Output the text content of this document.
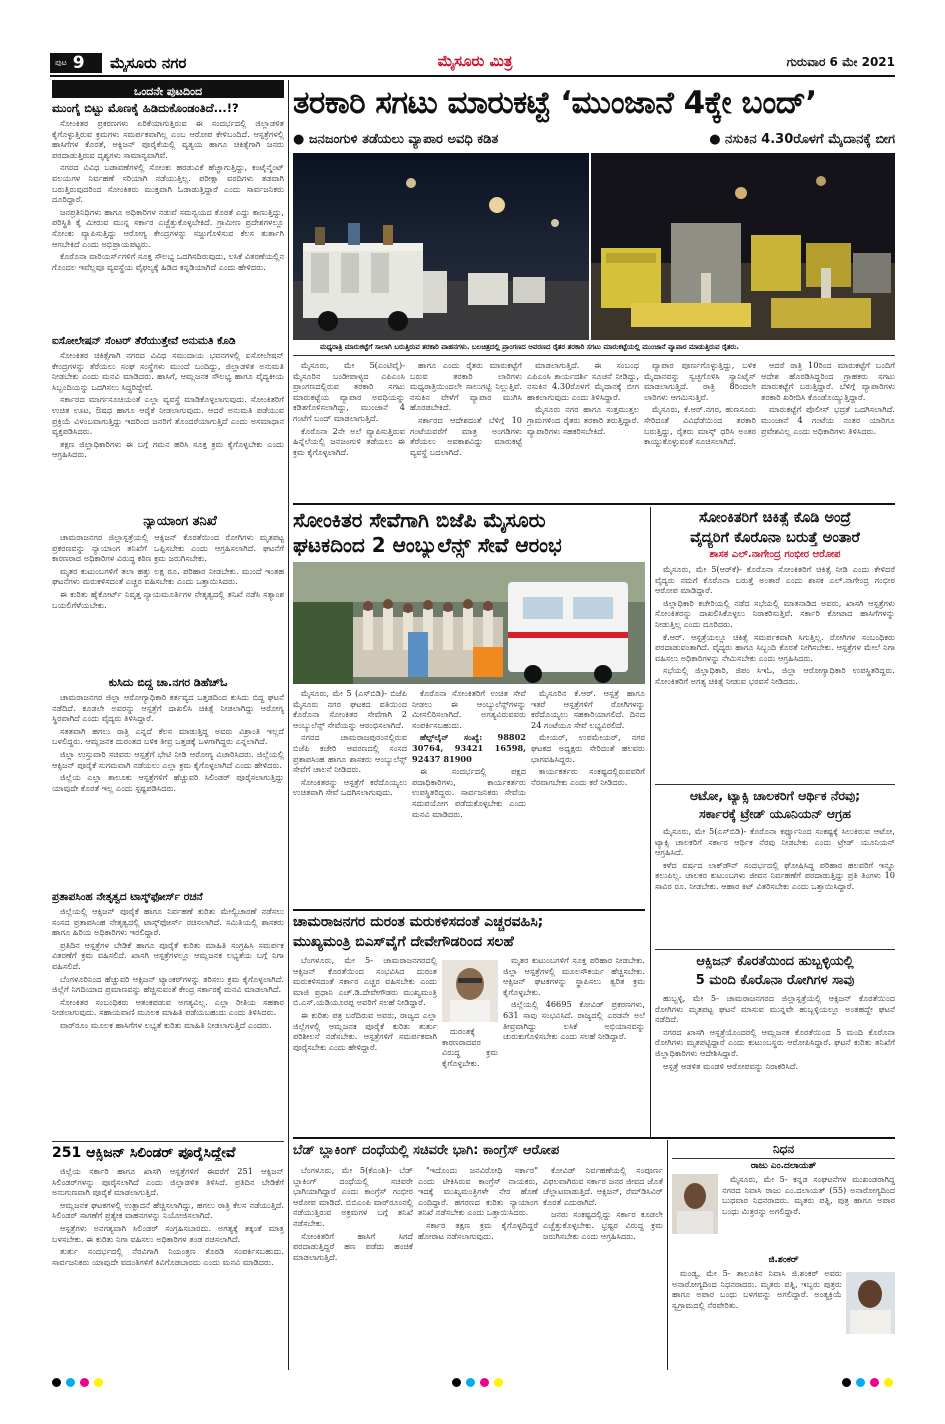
ಪುಟ 9 ಮೈಸೂರು ನಗರ	ಮೈಸೂರು ಮಿತ್ರ	ಗುರುವಾರ 6 ಮೇ 2021
ಒಂದನೇ ಪುಟದಿಂದ
ಮುಂಗೈ ಬಿಟ್ಟು ಮೊಣಕೈ ಹಿಡಿದುಕೊಂಡಂತಿದೆ...!?

ಸೋಂಕಿತರ ಪ್ರಕರಣಗಳು ಏರಿಕೆಯಾಗುತ್ತಿರುವ ಈ ಸಂದರ್ಭದಲ್ಲಿ ಜಿಲ್ಲಾಡಳಿತ ಕೈಗೊಳ್ಳುತ್ತಿರುವ ಕ್ರಮಗಳು ಸಮರ್ಪಕವಾಗಿಲ್ಲ ಎಂಬ ಆರೋಪ ಕೇಳಿಬಂದಿದೆ. ಆಸ್ಪತ್ರೆಗಳಲ್ಲಿ ಹಾಸಿಗೆಗಳ ಕೊರತೆ, ಆಕ್ಸಿಜನ್ ಪೂರೈಕೆಯಲ್ಲಿ ವ್ಯತ್ಯಯ ಹಾಗೂ ಚಿಕಿತ್ಸೆಗಾಗಿ ಜನರು ಪರದಾಡುತ್ತಿರುವ ದೃಶ್ಯಗಳು ಸಾಮಾನ್ಯವಾಗಿವೆ.

ನಗರದ ವಿವಿಧ ಬಡಾವಣೆಗಳಲ್ಲಿ ಸೋಂಕು ಹರಡುವಿಕೆ ಹೆಚ್ಚಾಗುತ್ತಿದ್ದು, ಕಂಟೈನ್ಮೆಂಟ್ ವಲಯಗಳ ನಿರ್ವಹಣೆ ಸರಿಯಾಗಿ ನಡೆಯುತ್ತಿಲ್ಲ. ಪರೀಕ್ಷಾ ವರದಿಗಳು ತಡವಾಗಿ ಬರುತ್ತಿರುವುದರಿಂದ ಸೋಂಕಿತರು ಮುಕ್ತವಾಗಿ ಓಡಾಡುತ್ತಿದ್ದಾರೆ ಎಂದು ಸಾರ್ವಜನಿಕರು ದೂರಿದ್ದಾರೆ.

ಜನಪ್ರತಿನಿಧಿಗಳು ಹಾಗೂ ಅಧಿಕಾರಿಗಳ ನಡುವೆ ಸಮನ್ವಯದ ಕೊರತೆ ಎದ್ದು ಕಾಣುತ್ತಿದ್ದು, ಪರಿಸ್ಥಿತಿ ಕೈ ಮೀರುವ ಮುನ್ನ ಸರ್ಕಾರ ಎಚ್ಚೆತ್ತುಕೊಳ್ಳಬೇಕಿದೆ. ಗ್ರಾಮೀಣ ಪ್ರದೇಶಗಳಲ್ಲೂ ಸೋಂಕು ವ್ಯಾಪಿಸುತ್ತಿದ್ದು ಆರೋಗ್ಯ ಕೇಂದ್ರಗಳನ್ನು ಸಜ್ಜುಗೊಳಿಸುವ ಕೆಲಸ ತುರ್ತಾಗಿ ಆಗಬೇಕಿದೆ ಎಂದು ಅಭಿಪ್ರಾಯಪಟ್ಟರು.

ಕೊರೊನಾ ವಾರಿಯರ್ಸ್‌ಗಳಿಗೆ ಸೂಕ್ತ ಸೌಲಭ್ಯ ಒದಗಿಸದಿರುವುದು, ಲಸಿಕೆ ವಿತರಣೆಯಲ್ಲಿನ ಗೊಂದಲ ಇವೆಲ್ಲವೂ ವ್ಯವಸ್ಥೆಯ ವೈಫಲ್ಯಕ್ಕೆ ಹಿಡಿದ ಕನ್ನಡಿಯಾಗಿದೆ ಎಂದು ಹೇಳಿದರು.

ಐಸೋಲೇಷನ್ ಸೆಂಟರ್ ತೆರೆಯುತ್ತೇವೆ ಅನುಮತಿ ಕೊಡಿ

ಸೋಂಕಿತರ ಚಿಕಿತ್ಸೆಗಾಗಿ ನಗರದ ವಿವಿಧ ಸಮುದಾಯ ಭವನಗಳಲ್ಲಿ ಐಸೋಲೇಷನ್ ಕೇಂದ್ರಗಳನ್ನು ತೆರೆಯಲು ಸಂಘ ಸಂಸ್ಥೆಗಳು ಮುಂದೆ ಬಂದಿದ್ದು, ಜಿಲ್ಲಾಡಳಿತ ಅನುಮತಿ ನೀಡಬೇಕು ಎಂದು ಮನವಿ ಮಾಡಿದರು. ಹಾಸಿಗೆ, ಆಮ್ಲಜನಕ ಸೌಲಭ್ಯ ಹಾಗೂ ವೈದ್ಯಕೀಯ ಸಿಬ್ಬಂದಿಯನ್ನು ಒದಗಿಸಲು ಸಿದ್ಧರಿದ್ದೇವೆ.

ಸರ್ಕಾರದ ಮಾರ್ಗಸೂಚಿಯಂತೆ ಎಲ್ಲಾ ವ್ಯವಸ್ಥೆ ಮಾಡಿಕೊಳ್ಳಲಾಗುವುದು. ಸೋಂಕಿತರಿಗೆ ಉಚಿತ ಊಟ, ಔಷಧ ಹಾಗೂ ಆರೈಕೆ ನೀಡಲಾಗುವುದು. ಆದರೆ ಅನುಮತಿ ಪಡೆಯುವ ಪ್ರಕ್ರಿಯೆ ವಿಳಂಬವಾಗುತ್ತಿದ್ದು ಇದರಿಂದ ಜನರಿಗೆ ತೊಂದರೆಯಾಗುತ್ತಿದೆ ಎಂದು ಅಸಮಾಧಾನ ವ್ಯಕ್ತಪಡಿಸಿದರು.

ತಕ್ಷಣ ಜಿಲ್ಲಾಧಿಕಾರಿಗಳು ಈ ಬಗ್ಗೆ ಗಮನ ಹರಿಸಿ ಸೂಕ್ತ ಕ್ರಮ ಕೈಗೊಳ್ಳಬೇಕು ಎಂದು ಆಗ್ರಹಿಸಿದರು.

ನ್ಯಾಯಾಂಗ ತನಿಖೆ

ಚಾಮರಾಜನಗರ ಜಿಲ್ಲಾಸ್ಪತ್ರೆಯಲ್ಲಿ ಆಕ್ಸಿಜನ್ ಕೊರತೆಯಿಂದ ರೋಗಿಗಳು ಮೃತಪಟ್ಟ ಪ್ರಕರಣವನ್ನು ನ್ಯಾಯಾಂಗ ತನಿಖೆಗೆ ಒಪ್ಪಿಸಬೇಕು ಎಂದು ಆಗ್ರಹಿಸಲಾಗಿದೆ. ಘಟನೆಗೆ ಕಾರಣರಾದ ಅಧಿಕಾರಿಗಳ ವಿರುದ್ಧ ಕಠಿಣ ಕ್ರಮ ಜರುಗಿಸಬೇಕು.

ಮೃತರ ಕುಟುಂಬಗಳಿಗೆ ತಲಾ ಹತ್ತು ಲಕ್ಷ ರೂ. ಪರಿಹಾರ ನೀಡಬೇಕು. ಮುಂದೆ ಇಂತಹ ಘಟನೆಗಳು ಮರುಕಳಿಸದಂತೆ ಎಚ್ಚರ ವಹಿಸಬೇಕು ಎಂದು ಒತ್ತಾಯಿಸಿದರು.

ಈ ಕುರಿತು ಹೈಕೋರ್ಟ್ ನಿವೃತ್ತ ನ್ಯಾಯಮೂರ್ತಿಗಳ ನೇತೃತ್ವದಲ್ಲಿ ತನಿಖೆ ನಡೆಸಿ ಸತ್ಯಾಂಶ ಬಯಲಿಗೆಳೆಯಬೇಕು.

ಕುಸಿದು ಬಿದ್ದ ಚಾ.ನಗರ ಡಿಹೆಚ್‌ಓ

ಚಾಮರಾಜನಗರ ಜಿಲ್ಲಾ ಆರೋಗ್ಯಾಧಿಕಾರಿ ಕರ್ತವ್ಯದ ಒತ್ತಡದಿಂದ ಕುಸಿದು ಬಿದ್ದ ಘಟನೆ ನಡೆದಿದೆ. ಕೂಡಲೇ ಅವರನ್ನು ಆಸ್ಪತ್ರೆಗೆ ದಾಖಲಿಸಿ ಚಿಕಿತ್ಸೆ ನೀಡಲಾಗಿದ್ದು ಆರೋಗ್ಯ ಸ್ಥಿರವಾಗಿದೆ ಎಂದು ವೈದ್ಯರು ತಿಳಿಸಿದ್ದಾರೆ.

ಸತತವಾಗಿ ಹಗಲು ರಾತ್ರಿ ಎನ್ನದೆ ಕೆಲಸ ಮಾಡುತ್ತಿದ್ದ ಅವರು ವಿಶ್ರಾಂತಿ ಇಲ್ಲದೆ ಬಳಲಿದ್ದರು. ಆಮ್ಲಜನಕ ದುರಂತದ ಬಳಿಕ ತೀವ್ರ ಒತ್ತಡಕ್ಕೆ ಒಳಗಾಗಿದ್ದರು ಎನ್ನಲಾಗಿದೆ.

ಜಿಲ್ಲಾ ಉಸ್ತುವಾರಿ ಸಚಿವರು ಆಸ್ಪತ್ರೆಗೆ ಭೇಟಿ ನೀಡಿ ಆರೋಗ್ಯ ವಿಚಾರಿಸಿದರು. ಜಿಲ್ಲೆಯಲ್ಲಿ ಆಕ್ಸಿಜನ್ ಪೂರೈಕೆ ಸುಗಮವಾಗಿ ನಡೆಯಲು ಎಲ್ಲಾ ಕ್ರಮ ಕೈಗೊಳ್ಳಲಾಗಿದೆ ಎಂದು ಹೇಳಿದರು.

ಜಿಲ್ಲೆಯ ಎಲ್ಲಾ ತಾಲೂಕು ಆಸ್ಪತ್ರೆಗಳಿಗೆ ಹೆಚ್ಚುವರಿ ಸಿಲಿಂಡರ್ ಪೂರೈಸಲಾಗುತ್ತಿದ್ದು ಯಾವುದೇ ಕೊರತೆ ಇಲ್ಲ ಎಂದು ಸ್ಪಷ್ಟಪಡಿಸಿದರು.

ಪ್ರತಾಪಸಿಂಹ ನೇತೃತ್ವದ ಟಾಸ್ಕ್‌ಫೋರ್ಸ್ ರಚನೆ

ಜಿಲ್ಲೆಯಲ್ಲಿ ಆಕ್ಸಿಜನ್ ಪೂರೈಕೆ ಹಾಗೂ ನಿರ್ವಹಣೆ ಕುರಿತು ಮೇಲ್ವಿಚಾರಣೆ ನಡೆಸಲು ಸಂಸದ ಪ್ರತಾಪಸಿಂಹ ನೇತೃತ್ವದಲ್ಲಿ ಟಾಸ್ಕ್‌ಫೋರ್ಸ್ ರಚಿಸಲಾಗಿದೆ. ಸಮಿತಿಯಲ್ಲಿ ಶಾಸಕರು ಹಾಗೂ ಹಿರಿಯ ಅಧಿಕಾರಿಗಳು ಇರಲಿದ್ದಾರೆ.

ಪ್ರತಿದಿನ ಆಸ್ಪತ್ರೆಗಳ ಬೇಡಿಕೆ ಹಾಗೂ ಪೂರೈಕೆ ಕುರಿತು ಮಾಹಿತಿ ಸಂಗ್ರಹಿಸಿ ಸಮರ್ಪಕ ವಿತರಣೆಗೆ ಕ್ರಮ ವಹಿಸಲಿದೆ. ಖಾಸಗಿ ಆಸ್ಪತ್ರೆಗಳಲ್ಲೂ ಆಮ್ಲಜನಕ ಲಭ್ಯತೆಯ ಬಗ್ಗೆ ನಿಗಾ ವಹಿಸಲಿದೆ.

ಬೆಂಗಳೂರಿನಿಂದ ಹೆಚ್ಚುವರಿ ಆಕ್ಸಿಜನ್ ಟ್ಯಾಂಕರ್‌ಗಳನ್ನು ತರಿಸಲು ಕ್ರಮ ಕೈಗೊಳ್ಳಲಾಗಿದೆ. ಜಿಲ್ಲೆಗೆ ನಿಗದಿಯಾದ ಪ್ರಮಾಣವನ್ನು ಹೆಚ್ಚಿಸುವಂತೆ ಕೇಂದ್ರ ಸರ್ಕಾರಕ್ಕೆ ಮನವಿ ಮಾಡಲಾಗಿದೆ.

ಸೋಂಕಿತರ ಸಂಬಂಧಿಕರು ಆತಂಕಪಡುವ ಅಗತ್ಯವಿಲ್ಲ. ಎಲ್ಲಾ ರೀತಿಯ ಸಹಕಾರ ನೀಡಲಾಗುವುದು. ಸಹಾಯವಾಣಿ ಮೂಲಕ ಮಾಹಿತಿ ಪಡೆಯಬಹುದು ಎಂದು ತಿಳಿಸಿದರು.

ವಾರ್‌ರೂಂ ಮೂಲಕ ಹಾಸಿಗೆಗಳ ಲಭ್ಯತೆ ಕುರಿತು ಮಾಹಿತಿ ನೀಡಲಾಗುತ್ತಿದೆ ಎಂದರು.

251 ಆಕ್ಸಿಜನ್ ಸಿಲಿಂಡರ್ ಪೂರೈಸಿದ್ದೇವೆ

ಜಿಲ್ಲೆಯ ಸರ್ಕಾರಿ ಹಾಗೂ ಖಾಸಗಿ ಆಸ್ಪತ್ರೆಗಳಿಗೆ ಈವರೆಗೆ 251 ಆಕ್ಸಿಜನ್ ಸಿಲಿಂಡರ್‌ಗಳನ್ನು ಪೂರೈಸಲಾಗಿದೆ ಎಂದು ಜಿಲ್ಲಾಡಳಿತ ತಿಳಿಸಿದೆ. ಪ್ರತಿದಿನ ಬೇಡಿಕೆಗೆ ಅನುಗುಣವಾಗಿ ಪೂರೈಕೆ ಮಾಡಲಾಗುತ್ತಿದೆ.

ಆಮ್ಲಜನಕ ಘಟಕಗಳಲ್ಲಿ ಉತ್ಪಾದನೆ ಹೆಚ್ಚಿಸಲಾಗಿದ್ದು, ಹಗಲು ರಾತ್ರಿ ಕೆಲಸ ನಡೆಯುತ್ತಿದೆ. ಸಿಲಿಂಡರ್ ಸಾಗಣೆಗೆ ಪ್ರತ್ಯೇಕ ವಾಹನಗಳನ್ನು ನಿಯೋಜಿಸಲಾಗಿದೆ.

ಆಸ್ಪತ್ರೆಗಳು ಅನಗತ್ಯವಾಗಿ ಸಿಲಿಂಡರ್ ಸಂಗ್ರಹಿಸಬಾರದು. ಅಗತ್ಯಕ್ಕೆ ತಕ್ಕಂತೆ ಮಾತ್ರ ಬಳಸಬೇಕು. ಈ ಕುರಿತು ನಿಗಾ ವಹಿಸಲು ಅಧಿಕಾರಿಗಳ ತಂಡ ರಚಿಸಲಾಗಿದೆ.

ತುರ್ತು ಸಂದರ್ಭದಲ್ಲಿ ನೆರವಿಗಾಗಿ ನಿಯಂತ್ರಣ ಕೊಠಡಿ ಸಂಪರ್ಕಿಸಬಹುದು. ಸಾರ್ವಜನಿಕರು ಯಾವುದೇ ವದಂತಿಗಳಿಗೆ ಕಿವಿಗೊಡಬಾರದು ಎಂದು ಮನವಿ ಮಾಡಿದರು.

ತರಕಾರಿ ಸಗಟು ಮಾರುಕಟ್ಟೆ ‘ಮುಂಜಾನೆ 4ಕ್ಕೇ ಬಂದ್’
● ಜನಜಂಗುಳಿ ತಡೆಯಲು ವ್ಯಾಪಾರ ಅವಧಿ ಕಡಿತ	● ನಸುಕಿನ 4.30ರೊಳಗೆ ಮೈದಾನಕ್ಕೆ ಬೀಗ
ಮಧ್ಯರಾತ್ರಿ ಮಾರುಕಟ್ಟೆಗೆ ಸಾಲಾಗಿ ಬರುತ್ತಿರುವ ತರಕಾರಿ ವಾಹನಗಳು. ಬಲಚಿತ್ರದಲ್ಲಿ ಪ್ರಾಂಗಣದ ಆವರಣದ ರೈತರ ತರಕಾರಿ ಸಗಟು ಮಾರುಕಟ್ಟೆಯಲ್ಲಿ ಮುಂಜಾನೆ ವ್ಯಾಪಾರ ಮಾಡುತ್ತಿರುವ ರೈತರು.

ಮೈಸೂರು, ಮೇ 5(ಎಂಟಿವೈ)- ಮೈಸೂರಿನ ಬಂಡೀಪಾಳ್ಯದ ಎಪಿಎಂಸಿ ಪ್ರಾಂಗಣದಲ್ಲಿರುವ ತರಕಾರಿ ಸಗಟು ಮಾರುಕಟ್ಟೆಯ ವ್ಯಾಪಾರ ಅವಧಿಯನ್ನು ಕಡಿತಗೊಳಿಸಲಾಗಿದ್ದು, ಮುಂಜಾನೆ 4 ಗಂಟೆಗೆ ಬಂದ್ ಮಾಡಲಾಗುತ್ತಿದೆ.

ಕೊರೊನಾ 2ನೇ ಅಲೆ ವ್ಯಾಪಿಸುತ್ತಿರುವ ಹಿನ್ನೆಲೆಯಲ್ಲಿ ಜನಜಂಗುಳಿ ತಡೆಯಲು ಈ ಕ್ರಮ ಕೈಗೊಳ್ಳಲಾಗಿದೆ.

ಹಾಗೂ ಎಂದು ರೈತರು ಮಾರುಕಟ್ಟೆಗೆ ಬರುವ ತರಕಾರಿ ಲಾರಿಗಳು ಮಧ್ಯರಾತ್ರಿಯಿಂದಲೇ ಸಾಲುಗಟ್ಟಿ ನಿಲ್ಲುತ್ತಿವೆ. ನಸುಕಿನ ವೇಳೆಗೆ ವ್ಯಾಪಾರ ಮುಗಿಸಿ ಹೊರಡಬೇಕಿದೆ.

ಸರ್ಕಾರದ ಆದೇಶದಂತೆ ಬೆಳಿಗ್ಗೆ 10 ಗಂಟೆಯವರೆಗೆ ಮಾತ್ರ ಅಂಗಡಿಗಳು ತೆರೆಯಲು ಅವಕಾಶವಿದ್ದು ಮಾರುಕಟ್ಟೆ ವ್ಯವಸ್ಥೆ ಬದಲಾಗಿದೆ.

ಮಾಡಲಾಗುತ್ತಿದೆ. ಈ ಸಂಬಂಧ ಎಪಿಎಂಸಿ ಕಾರ್ಯದರ್ಶಿ ಸೂಚನೆ ನೀಡಿದ್ದು, ನಸುಕಿನ 4.30ರೊಳಗೆ ಮೈದಾನಕ್ಕೆ ಬೀಗ ಹಾಕಲಾಗುವುದು ಎಂದು ತಿಳಿಸಿದ್ದಾರೆ.

ಮೈಸೂರು ನಗರ ಹಾಗೂ ಸುತ್ತಮುತ್ತಲ ಗ್ರಾಮಗಳಿಂದ ರೈತರು ತರಕಾರಿ ತರುತ್ತಿದ್ದಾರೆ. ವ್ಯಾಪಾರಿಗಳು ಸಹಕರಿಸಬೇಕಿದೆ.

ವ್ಯಾಪಾರ ಪೂರ್ಣಗೊಳ್ಳುತ್ತಿದ್ದು, ಬಳಿಕ ಮೈದಾನವನ್ನು ಸ್ವಚ್ಛಗೊಳಿಸಿ ಸ್ಯಾನಿಟೈಸ್ ಮಾಡಲಾಗುತ್ತಿದೆ. ರಾತ್ರಿ 8ರಿಂದಲೇ ಲಾರಿಗಳು ಆಗಮಿಸುತ್ತಿವೆ.

ಮೈಸೂರು, ಕೆ.ಆರ್.ನಗರ, ಹುಣಸೂರು ಸೇರಿದಂತೆ ವಿವಿಧೆಡೆಯಿಂದ ತರಕಾರಿ ಬರುತ್ತಿದ್ದು, ರೈತರು ಮಾಸ್ಕ್ ಧರಿಸಿ ಅಂತರ ಕಾಯ್ದುಕೊಳ್ಳುವಂತೆ ಸೂಚಿಸಲಾಗಿದೆ.

ಆದರೆ ರಾತ್ರಿ 10ರಿಂದ ಮಾರುಕಟ್ಟೆಗೆ ಬಂದಿಗೆ ಆದೇಶ ಹೊರಡಿಸಿದ್ದರಿಂದ ಗ್ರಾಹಕರು ಸಗಟು ಮಾರುಕಟ್ಟೆಗೆ ಬರುತ್ತಿದ್ದಾರೆ. ಬೆಳಿಗ್ಗೆ ವ್ಯಾಪಾರಿಗಳು ತರಕಾರಿ ಖರೀದಿಸಿ ಕೊಂಡೊಯ್ಯುತ್ತಿದ್ದಾರೆ.

ಮಾರುಕಟ್ಟೆಗೆ ಪೊಲೀಸ್ ಭದ್ರತೆ ಒದಗಿಸಲಾಗಿದೆ. ಮುಂಜಾನೆ 4 ಗಂಟೆಯ ನಂತರ ಯಾರಿಗೂ ಪ್ರವೇಶವಿಲ್ಲ ಎಂದು ಅಧಿಕಾರಿಗಳು ತಿಳಿಸಿದರು.

ಸೋಂಕಿತರ ಸೇವೆಗಾಗಿ ಬಿಜೆಪಿ ಮೈಸೂರು
ಘಟಕದಿಂದ 2 ಆಂಬ್ಯುಲೆನ್ಸ್ ಸೇವೆ ಆರಂಭ

ಮೈಸೂರು, ಮೇ 5 (ಎಸ್‌ಬಿಡಿ)- ಬಿಜೆಪಿ ಮೈಸೂರು ನಗರ ಘಟಕದ ವತಿಯಿಂದ ಕೊರೊನಾ ಸೋಂಕಿತರ ಸೇವೆಗಾಗಿ 2 ಆಂಬ್ಯುಲೆನ್ಸ್ ಸೇವೆಯನ್ನು ಆರಂಭಿಸಲಾಗಿದೆ.

ನಗರದ ಚಾಮರಾಜಪುರಂನಲ್ಲಿರುವ ಬಿಜೆಪಿ ಕಚೇರಿ ಆವರಣದಲ್ಲಿ ಸಂಸದ ಪ್ರತಾಪಸಿಂಹ ಹಾಗೂ ಶಾಸಕರು ಆಂಬ್ಯುಲೆನ್ಸ್ ಸೇವೆಗೆ ಚಾಲನೆ ನೀಡಿದರು.

ಸೋಂಕಿತರನ್ನು ಆಸ್ಪತ್ರೆಗೆ ಕರೆದೊಯ್ಯಲು ಉಚಿತವಾಗಿ ಸೇವೆ ಒದಗಿಸಲಾಗುವುದು.

ಕೊರೊನಾ ಸೋಂಕಿತರಿಗೆ ಉಚಿತ ಸೇವೆ ನೀಡಲು ಈ ಆಂಬ್ಯುಲೆನ್ಸ್‌ಗಳನ್ನು ಮೀಸಲಿರಿಸಲಾಗಿದೆ. ಅಗತ್ಯವಿರುವವರು ಸಂಪರ್ಕಿಸಬಹುದು.

ಹೆಲ್ಪ್‌ಲೈನ್ ಸಂಖ್ಯೆ: 98802 30764, 93421 16598, 92437 81900

ಈ ಸಂದರ್ಭದಲ್ಲಿ ಪಕ್ಷದ ಪದಾಧಿಕಾರಿಗಳು, ಕಾರ್ಯಕರ್ತರು ಉಪಸ್ಥಿತರಿದ್ದರು. ಸಾರ್ವಜನಿಕರು ಸೇವೆಯ ಸದುಪಯೋಗ ಪಡೆದುಕೊಳ್ಳಬೇಕು ಎಂದು ಮನವಿ ಮಾಡಿದರು.

ಮೈಸೂರಿನ ಕೆ.ಆರ್. ಆಸ್ಪತ್ರೆ ಹಾಗೂ ಇತರೆ ಆಸ್ಪತ್ರೆಗಳಿಗೆ ರೋಗಿಗಳನ್ನು ಕರೆದೊಯ್ಯಲು ಸಹಕಾರಿಯಾಗಲಿದೆ. ದಿನದ 24 ಗಂಟೆಯೂ ಸೇವೆ ಲಭ್ಯವಿರಲಿದೆ.

ಮೇಯರ್, ಉಪಮೇಯರ್, ನಗರ ಘಟಕದ ಅಧ್ಯಕ್ಷರು ಸೇರಿದಂತೆ ಹಲವರು ಭಾಗವಹಿಸಿದ್ದರು.

ಕಾರ್ಯಕರ್ತರು ಸಂಕಷ್ಟದಲ್ಲಿರುವವರಿಗೆ ನೆರವಾಗಬೇಕು ಎಂದು ಕರೆ ನೀಡಿದರು.

ಚಾಮರಾಜನಗರ ದುರಂತ ಮರುಕಳಿಸದಂತೆ ಎಚ್ಚರವಹಿಸಿ;
ಮುಖ್ಯಮಂತ್ರಿ ಬಿಎಸ್‌ವೈಗೆ ದೇವೇಗೌಡರಿಂದ ಸಲಹೆ

ಬೆಂಗಳೂರು, ಮೇ 5- ಚಾಮರಾಜನಗರದಲ್ಲಿ ಆಕ್ಸಿಜನ್ ಕೊರತೆಯಿಂದ ಸಂಭವಿಸಿದ ದುರಂತ ಮರುಕಳಿಸದಂತೆ ಸರ್ಕಾರ ಎಚ್ಚರ ವಹಿಸಬೇಕು ಎಂದು ಮಾಜಿ ಪ್ರಧಾನಿ ಎಚ್.ಡಿ.ದೇವೇಗೌಡರು ಮುಖ್ಯಮಂತ್ರಿ ಬಿ.ಎಸ್.ಯಡಿಯೂರಪ್ಪ ಅವರಿಗೆ ಸಲಹೆ ನೀಡಿದ್ದಾರೆ.

ಈ ಕುರಿತು ಪತ್ರ ಬರೆದಿರುವ ಅವರು, ರಾಜ್ಯದ ಎಲ್ಲಾ ಜಿಲ್ಲೆಗಳಲ್ಲಿ ಆಮ್ಲಜನಕ ಪೂರೈಕೆ ಕುರಿತು ತುರ್ತು ಪರಿಶೀಲನೆ ನಡೆಸಬೇಕು. ಆಸ್ಪತ್ರೆಗಳಿಗೆ ಸಮರ್ಪಕವಾಗಿ ಪೂರೈಸಬೇಕು ಎಂದು ಹೇಳಿದ್ದಾರೆ.

ದುರಂತಕ್ಕೆ ಕಾರಣರಾದವರ ವಿರುದ್ಧ ಕ್ರಮ ಕೈಗೊಳ್ಳಬೇಕು.

ಮೃತರ ಕುಟುಂಬಗಳಿಗೆ ಸೂಕ್ತ ಪರಿಹಾರ ನೀಡಬೇಕು. ಜಿಲ್ಲಾ ಆಸ್ಪತ್ರೆಗಳಲ್ಲಿ ಮೂಲಸೌಕರ್ಯ ಹೆಚ್ಚಿಸಬೇಕು. ಆಕ್ಸಿಜನ್ ಘಟಕಗಳನ್ನು ಸ್ಥಾಪಿಸಲು ತ್ವರಿತ ಕ್ರಮ ಕೈಗೊಳ್ಳಬೇಕು.

ಜಿಲ್ಲೆಯಲ್ಲಿ 46695 ಕೋವಿಡ್ ಪ್ರಕರಣಗಳು, 631 ಸಾವು ಸಂಭವಿಸಿದೆ. ರಾಜ್ಯದಲ್ಲಿ ಎರಡನೇ ಅಲೆ ತೀವ್ರವಾಗಿದ್ದು ಲಸಿಕೆ ಅಭಿಯಾನವನ್ನು ಚುರುಕುಗೊಳಿಸಬೇಕು ಎಂದು ಸಲಹೆ ನೀಡಿದ್ದಾರೆ.

ಬೆಡ್ ಬ್ಲಾಕಿಂಗ್ ದಂಧೆಯಲ್ಲಿ ಸಚಿವರೇ ಭಾಗಿ: ಕಾಂಗ್ರೆಸ್ ಆರೋಪ

ಬೆಂಗಳೂರು, ಮೇ 5(ಕೆಎಂಶಿ)- ಬೆಡ್ ಬ್ಲಾಕಿಂಗ್ ದಂಧೆಯಲ್ಲಿ ಸಚಿವರೇ ಭಾಗಿಯಾಗಿದ್ದಾರೆ ಎಂದು ಕಾಂಗ್ರೆಸ್ ಗಂಭೀರ ಆರೋಪ ಮಾಡಿದೆ. ಬಿಬಿಎಂಪಿ ವಾರ್‌ರೂಂನಲ್ಲಿ ನಡೆಯುತ್ತಿರುವ ಅಕ್ರಮಗಳ ಬಗ್ಗೆ ತನಿಖೆ ನಡೆಸಬೇಕು.

ಸೋಂಕಿತರಿಗೆ ಹಾಸಿಗೆ ಸಿಗದೆ ಪರದಾಡುತ್ತಿದ್ದರೆ ಹಣ ಪಡೆದು ಹಂಚಿಕೆ ಮಾಡಲಾಗುತ್ತಿದೆ.

"ಇದೊಂದು ಜನವಿರೋಧಿ ಸರ್ಕಾರ" ಎಂದು ಟೀಕಿಸಿರುವ ಕಾಂಗ್ರೆಸ್ ನಾಯಕರು, ಇದಕ್ಕೆ ಮುಖ್ಯಮಂತ್ರಿಗಳೇ ನೇರ ಹೊಣೆ ಎಂದಿದ್ದಾರೆ. ಹಗರಣದ ಕುರಿತು ನ್ಯಾಯಾಂಗ ತನಿಖೆ ನಡೆಸಬೇಕು ಎಂದು ಒತ್ತಾಯಿಸಿದರು.

ಸರ್ಕಾರ ತಕ್ಷಣ ಕ್ರಮ ಕೈಗೊಳ್ಳದಿದ್ದರೆ ಹೋರಾಟ ನಡೆಸಲಾಗುವುದು.

ಕೋವಿಡ್ ನಿರ್ವಹಣೆಯಲ್ಲಿ ಸಂಪೂರ್ಣ ವಿಫಲವಾಗಿರುವ ಸರ್ಕಾರ ಜನರ ಜೀವದ ಜೊತೆ ಚೆಲ್ಲಾಟವಾಡುತ್ತಿದೆ. ಆಕ್ಸಿಜನ್, ರೆಮ್‌ಡಿಸಿವಿರ್ ಕೊರತೆ ಎದುರಾಗಿದೆ.

ಜನರು ಸಂಕಷ್ಟದಲ್ಲಿದ್ದು ಸರ್ಕಾರ ಕೂಡಲೇ ಎಚ್ಚೆತ್ತುಕೊಳ್ಳಬೇಕು. ಭ್ರಷ್ಟರ ವಿರುದ್ಧ ಕ್ರಮ ಜರುಗಿಸಬೇಕು ಎಂದು ಆಗ್ರಹಿಸಿದರು.

ಸೋಂಕಿತರಿಗೆ ಚಿಕಿತ್ಸೆ ಕೊಡಿ ಅಂದ್ರೆ
ವೈದ್ಯರಿಗೆ ಕೊರೊನಾ ಬರುತ್ತೆ ಅಂತಾರೆ
ಶಾಸಕ ಎಲ್.ನಾಗೇಂದ್ರ ಗಂಭೀರ ಆರೋಪ

ಮೈಸೂರು, ಮೇ 5(ಆರ್‌ಕೆ)- ಕೊರೊನಾ ಸೋಂಕಿತರಿಗೆ ಚಿಕಿತ್ಸೆ ನೀಡಿ ಎಂದು ಕೇಳಿದರೆ ವೈದ್ಯರು ನಮಗೆ ಕೊರೊನಾ ಬರುತ್ತೆ ಅಂತಾರೆ ಎಂದು ಶಾಸಕ ಎಲ್.ನಾಗೇಂದ್ರ ಗಂಭೀರ ಆರೋಪ ಮಾಡಿದ್ದಾರೆ.

ಜಿಲ್ಲಾಧಿಕಾರಿ ಕಚೇರಿಯಲ್ಲಿ ನಡೆದ ಸಭೆಯಲ್ಲಿ ಮಾತನಾಡಿದ ಅವರು, ಖಾಸಗಿ ಆಸ್ಪತ್ರೆಗಳು ಸೋಂಕಿತರನ್ನು ದಾಖಲಿಸಿಕೊಳ್ಳಲು ನಿರಾಕರಿಸುತ್ತಿವೆ. ಸರ್ಕಾರಿ ಕೋಟಾದ ಹಾಸಿಗೆಗಳನ್ನು ನೀಡುತ್ತಿಲ್ಲ ಎಂದು ದೂರಿದರು.

ಕೆ.ಆರ್. ಆಸ್ಪತ್ರೆಯಲ್ಲೂ ಚಿಕಿತ್ಸೆ ಸಮರ್ಪಕವಾಗಿ ಸಿಗುತ್ತಿಲ್ಲ. ರೋಗಿಗಳ ಸಂಬಂಧಿಕರು ಪರದಾಡುವಂತಾಗಿದೆ. ವೈದ್ಯರು ಹಾಗೂ ಸಿಬ್ಬಂದಿ ಕೊರತೆ ನೀಗಿಸಬೇಕು. ಆಸ್ಪತ್ರೆಗಳ ಮೇಲೆ ನಿಗಾ ವಹಿಸಲು ಅಧಿಕಾರಿಗಳನ್ನು ನೇಮಿಸಬೇಕು ಎಂದು ಆಗ್ರಹಿಸಿದರು.

ಸಭೆಯಲ್ಲಿ ಜಿಲ್ಲಾಧಿಕಾರಿ, ಜಿಪಂ ಸಿಇಓ, ಜಿಲ್ಲಾ ಆರೋಗ್ಯಾಧಿಕಾರಿ ಉಪಸ್ಥಿತರಿದ್ದರು. ಸೋಂಕಿತರಿಗೆ ಅಗತ್ಯ ಚಿಕಿತ್ಸೆ ನೀಡುವ ಭರವಸೆ ನೀಡಿದರು.

ಆಟೋ, ಟ್ಯಾಕ್ಸಿ ಚಾಲಕರಿಗೆ ಆರ್ಥಿಕ ನೆರವು;
ಸರ್ಕಾರಕ್ಕೆ ಟ್ರೇಡ್ ಯೂನಿಯನ್ ಆಗ್ರಹ

ಮೈಸೂರು, ಮೇ 5(ಎಸ್‌ಬಿಡಿ)- ಕೊರೊನಾ ಕರ್ಫ್ಯೂನಿಂದ ಸಂಕಷ್ಟಕ್ಕೆ ಸಿಲುಕಿರುವ ಆಟೋ, ಟ್ಯಾಕ್ಸಿ ಚಾಲಕರಿಗೆ ಸರ್ಕಾರ ಆರ್ಥಿಕ ನೆರವು ನೀಡಬೇಕು ಎಂದು ಟ್ರೇಡ್ ಯೂನಿಯನ್ ಆಗ್ರಹಿಸಿದೆ.

ಕಳೆದ ವರ್ಷದ ಲಾಕ್‌ಡೌನ್ ಸಂದರ್ಭದಲ್ಲಿ ಘೋಷಿಸಿದ್ದ ಪರಿಹಾರ ಹಲವರಿಗೆ ಇನ್ನೂ ತಲುಪಿಲ್ಲ. ಚಾಲಕರ ಕುಟುಂಬಗಳು ಜೀವನ ನಿರ್ವಹಣೆಗೆ ಪರದಾಡುತ್ತಿದ್ದು ಪ್ರತಿ ತಿಂಗಳು 10 ಸಾವಿರ ರೂ. ನೀಡಬೇಕು. ಆಹಾರ ಕಿಟ್ ವಿತರಿಸಬೇಕು ಎಂದು ಒತ್ತಾಯಿಸಿದ್ದಾರೆ.

ಆಕ್ಸಿಜನ್ ಕೊರತೆಯಿಂದ ಹುಬ್ಬಳ್ಳಿಯಲ್ಲಿ
5 ಮಂದಿ ಕೊರೊನಾ ರೋಗಿಗಳ ಸಾವು

ಹುಬ್ಬಳ್ಳಿ, ಮೇ 5- ಚಾಮರಾಜನಗರದ ಜಿಲ್ಲಾಸ್ಪತ್ರೆಯಲ್ಲಿ ಆಕ್ಸಿಜನ್ ಕೊರತೆಯಿಂದ ರೋಗಿಗಳು ಮೃತಪಟ್ಟ ಘಟನೆ ಮಾಸುವ ಮುನ್ನವೇ ಹುಬ್ಬಳ್ಳಿಯಲ್ಲೂ ಅಂತಹದ್ದೇ ಘಟನೆ ನಡೆದಿದೆ.

ನಗರದ ಖಾಸಗಿ ಆಸ್ಪತ್ರೆಯೊಂದರಲ್ಲಿ ಆಮ್ಲಜನಕ ಕೊರತೆಯಿಂದ 5 ಮಂದಿ ಕೊರೊನಾ ರೋಗಿಗಳು ಮೃತಪಟ್ಟಿದ್ದಾರೆ ಎಂದು ಕುಟುಂಬಸ್ಥರು ಆರೋಪಿಸಿದ್ದಾರೆ. ಘಟನೆ ಕುರಿತು ತನಿಖೆಗೆ ಜಿಲ್ಲಾಧಿಕಾರಿಗಳು ಆದೇಶಿಸಿದ್ದಾರೆ.

ಆಸ್ಪತ್ರೆ ಆಡಳಿತ ಮಂಡಳಿ ಆರೋಪವನ್ನು ನಿರಾಕರಿಸಿದೆ.

ನಿಧನ
ರಾಜು ಎಂ.ದಲಾಯತ್

ಮೈಸೂರು, ಮೇ 5- ಕನ್ನಡ ಸಂಘಟನೆಗಳ ಮುಖಂಡರಾಗಿದ್ದ ನಗರದ ನಿವಾಸಿ ರಾಜು ಎಂ.ದಲಾಯತ್ (55) ಅನಾರೋಗ್ಯದಿಂದ ಬುಧವಾರ ನಿಧನರಾದರು. ಮೃತರು ಪತ್ನಿ, ಪುತ್ರ ಹಾಗೂ ಅಪಾರ ಬಂಧು ಮಿತ್ರರನ್ನು ಅಗಲಿದ್ದಾರೆ.

ಜಿ.ಶಂಕರ್

ಮಂಡ್ಯ, ಮೇ 5- ತಾಲೂಕಿನ ನಿವಾಸಿ ಜಿ.ಶಂಕರ್ ಅವರು ಅನಾರೋಗ್ಯದಿಂದ ನಿಧನರಾದರು. ಮೃತರು ಪತ್ನಿ, ಇಬ್ಬರು ಪುತ್ರರು ಹಾಗೂ ಅಪಾರ ಬಂಧು ಬಳಗವನ್ನು ಅಗಲಿದ್ದಾರೆ. ಅಂತ್ಯಕ್ರಿಯೆ ಸ್ವಗ್ರಾಮದಲ್ಲಿ ನೆರವೇರಿತು.
